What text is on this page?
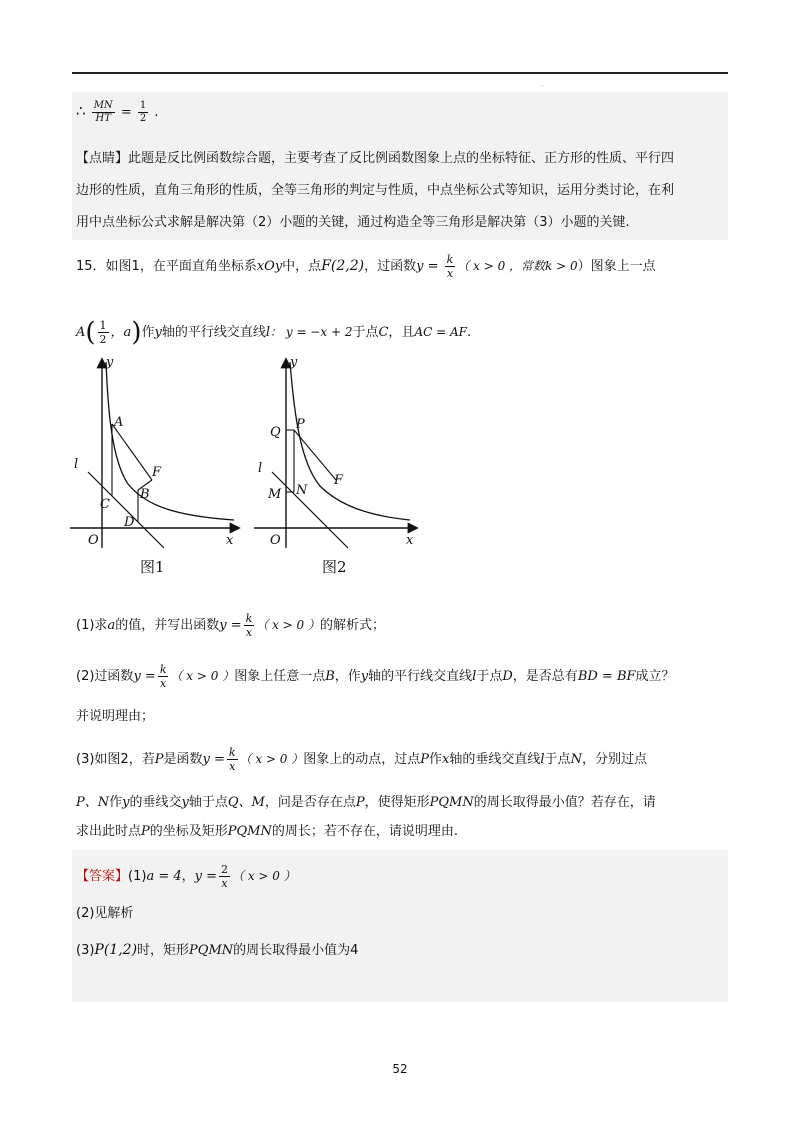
·
∴ $\frac{MN}{HT} = \frac{1}{2}$ .
【点睛】此题是反比例函数综合题，主要考查了反比例函数图象上点的坐标特征、正方形的性质、平行四
边形的性质，直角三角形的性质，全等三角形的判定与性质，中点坐标公式等知识，运用分类讨论，在利
用中点坐标公式求解是解决第（2）小题的关键，通过构造全等三角形是解决第（3）小题的关键.
15．如图1，在平面直角坐标系xOy中，点F(2,2)，过函数$y = \frac{k}{x}$ （ x > 0 ，常数k > 0）图象上一点
$A( \frac{1}{2}$ ，a)作y轴的平行线交直线l： y = −x + 2于点C，且AC = AF.
y
x
O
A
F
B
C
D
l
图1
y
x
O
P
Q
M N
F
l
图2
(1)求a的值，并写出函数$y = \frac{k}{x}$ （ x > 0 ）的解析式；
(2)过函数$y = \frac{k}{x}$ （ x > 0 ）图象上任意一点B，作y轴的平行线交直线l于点D，是否总有BD = BF成立？
并说明理由；
(3)如图2，若P是函数$y = \frac{k}{x}$ （ x > 0 ）图象上的动点，过点P作x轴的垂线交直线l于点N，分别过点
P、N作y的垂线交y轴于点Q、M，问是否存在点P，使得矩形PQMN的周长取得最小值？若存在，请
求出此时点P的坐标及矩形PQMN的周长；若不存在，请说明理由.
【答案】(1)a = 4，$y = \frac{2}{x}$ （ x > 0 ）
(2)见解析
(3)P(1,2)时，矩形PQMN的周长取得最小值为4
52
